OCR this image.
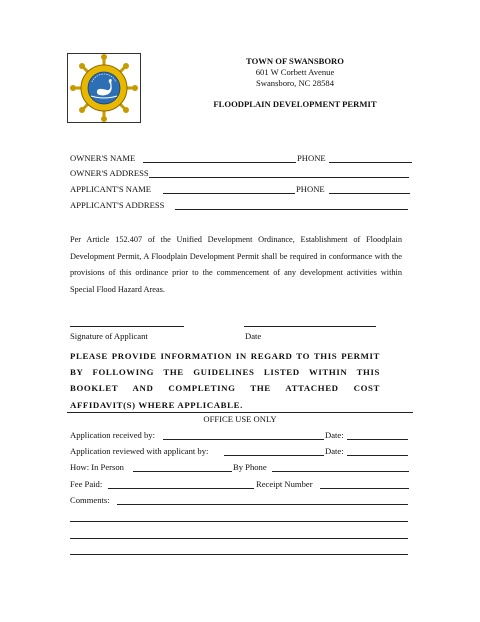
TOWN OF SWANSBORO
601 W Corbett Avenue
Swansboro, NC 28584
FLOODPLAIN DEVELOPMENT PERMIT
OWNER'S NAME	PHONE
OWNER'S ADDRESS
APPLICANT'S NAME	PHONE
APPLICANT'S ADDRESS
Per Article 152.407 of the Unified Development Ordinance, Establishment of Floodplain Development Permit, A Floodplain Development Permit shall be required in conformance with the provisions of this ordinance prior to the commencement of any development activities within Special Flood Hazard Areas.
Signature of Applicant	Date
PLEASE PROVIDE INFORMATION IN REGARD TO THIS PERMIT BY FOLLOWING THE GUIDELINES LISTED WITHIN THIS BOOKLET AND COMPLETING THE ATTACHED COST AFFIDAVIT(S) WHERE APPLICABLE.
OFFICE USE ONLY
Application received by:	Date:
Application reviewed with applicant by:	Date:
How: In Person	By Phone
Fee Paid:	Receipt Number
Comments:
